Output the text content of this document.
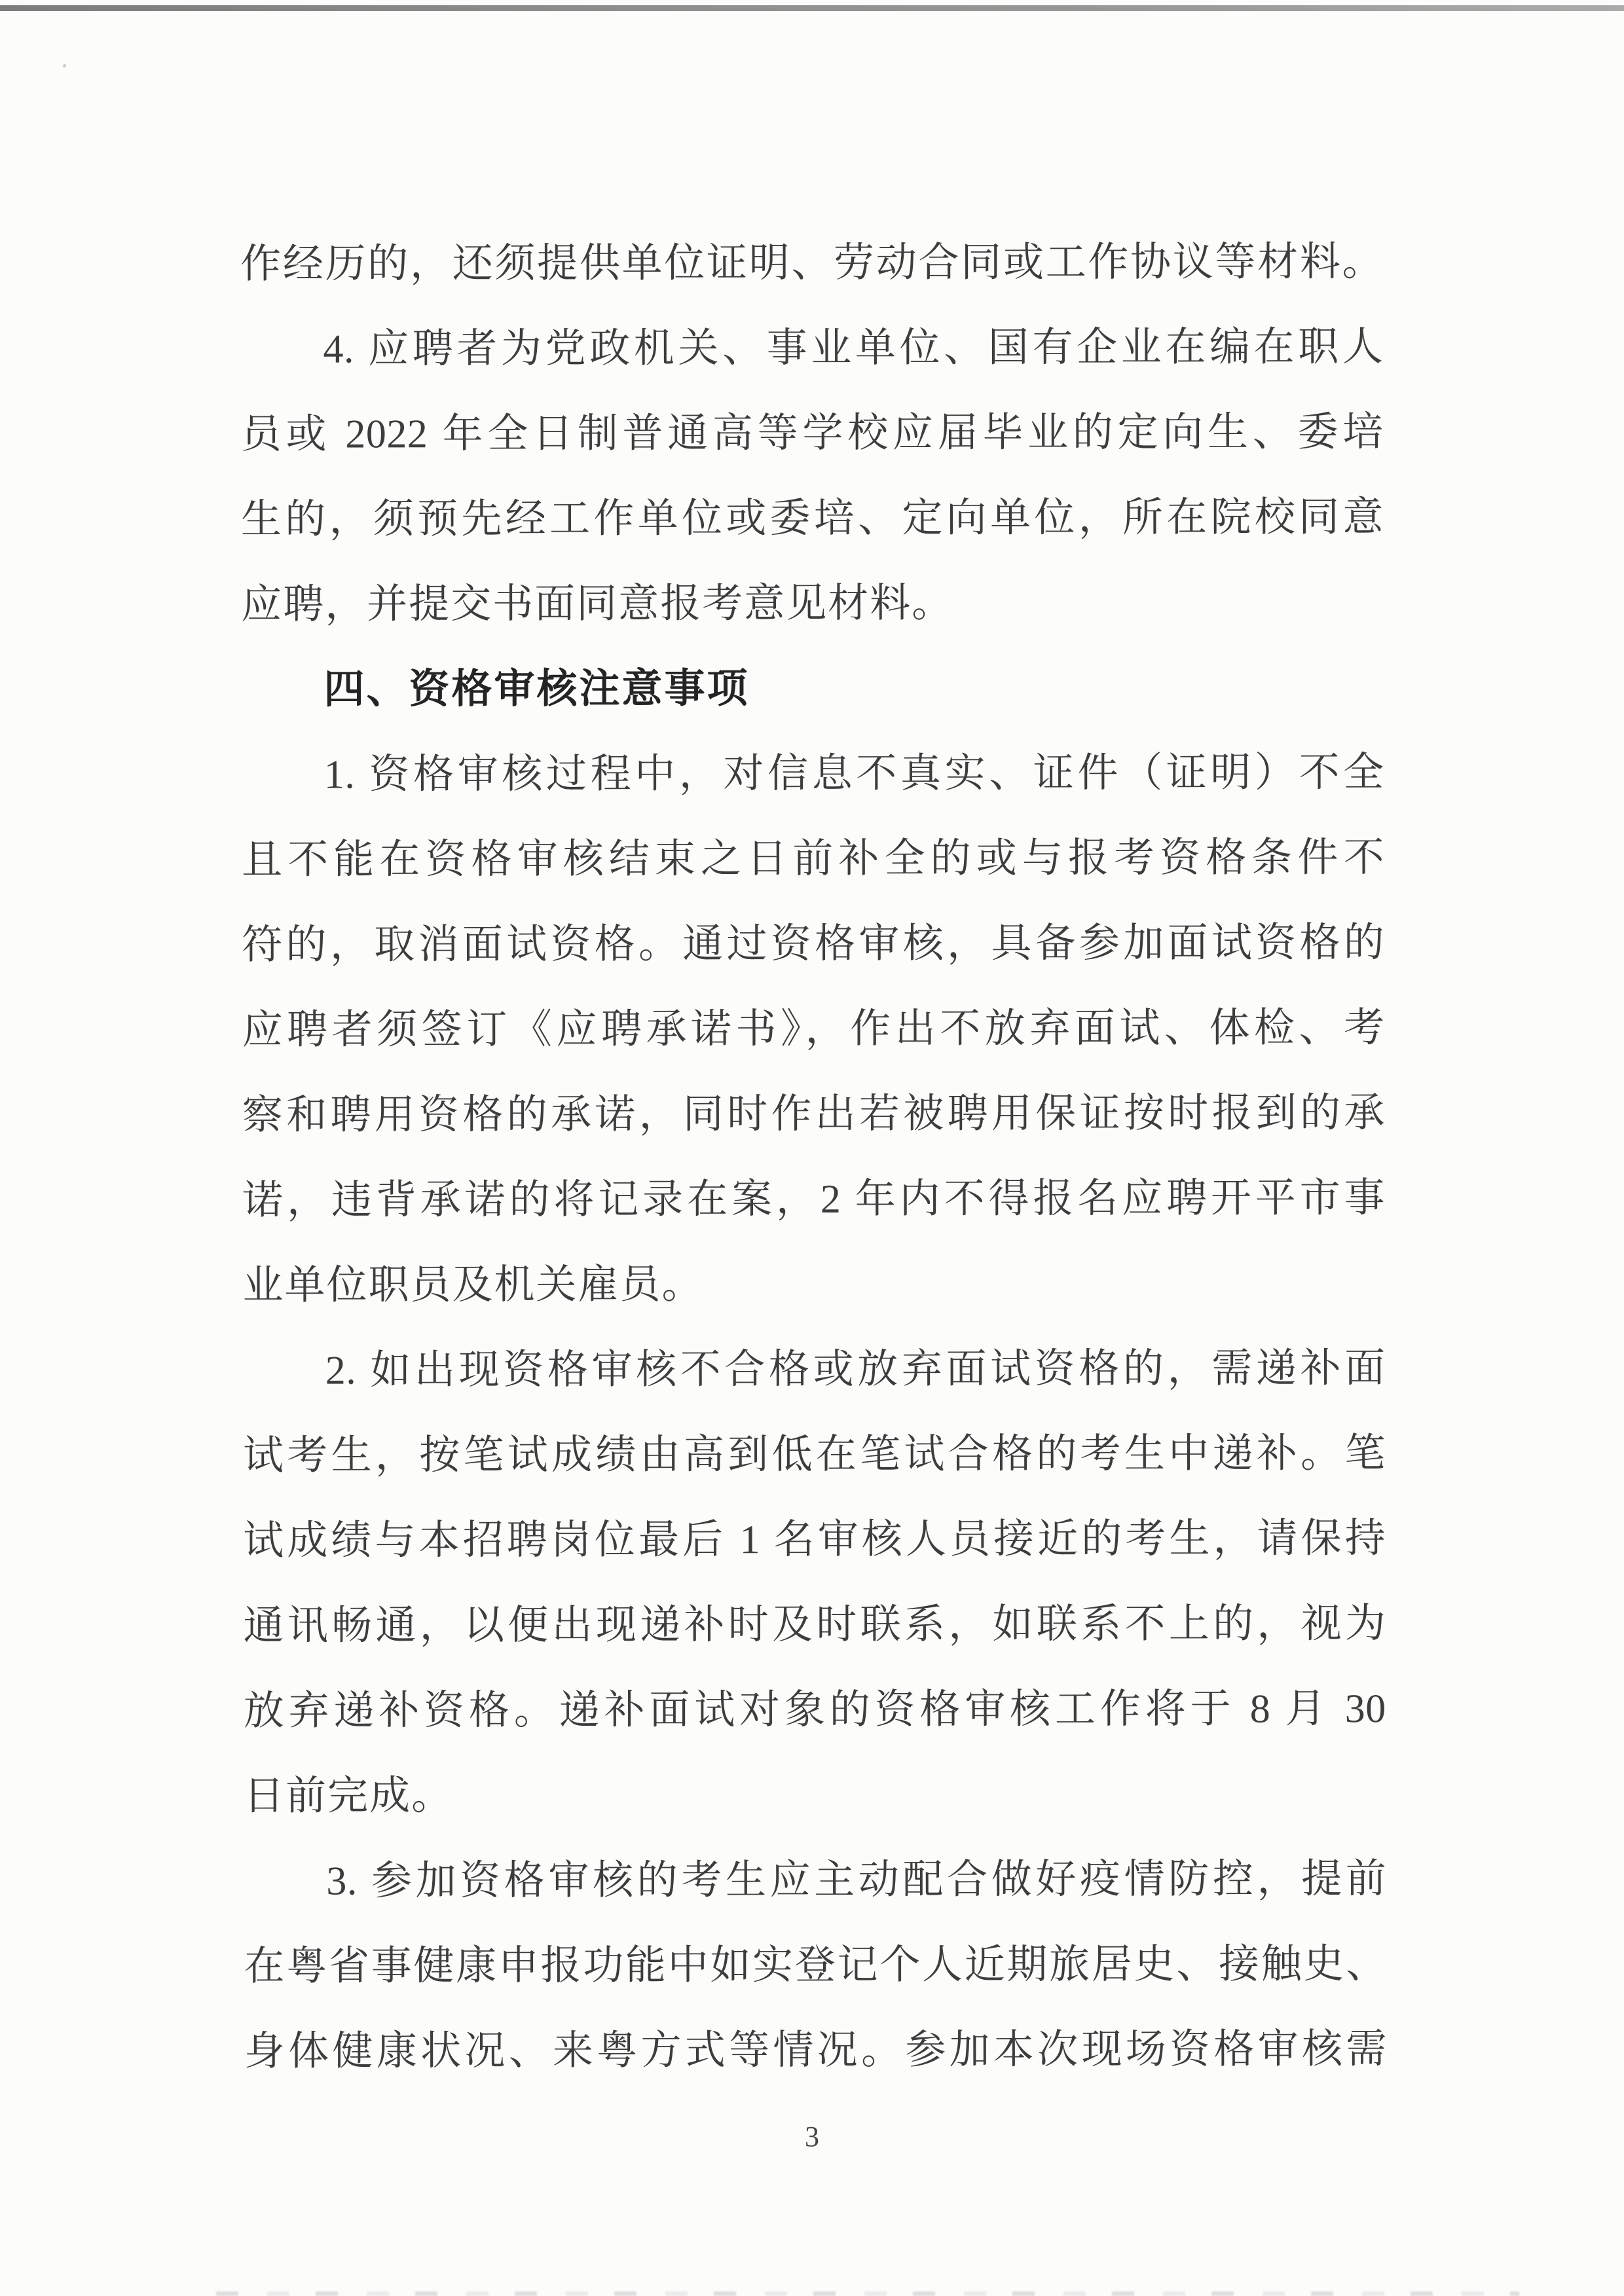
作经历的，还须提供单位证明、劳动合同或工作协议等材料。
4. 应聘者为党政机关、事业单位、国有企业在编在职人
员或 2022 年全日制普通高等学校应届毕业的定向生、委培
生的，须预先经工作单位或委培、定向单位，所在院校同意
应聘，并提交书面同意报考意见材料。
四、资格审核注意事项
1. 资格审核过程中，对信息不真实、证件（证明）不全
且不能在资格审核结束之日前补全的或与报考资格条件不
符的，取消面试资格。通过资格审核，具备参加面试资格的
应聘者须签订《应聘承诺书》，作出不放弃面试、体检、考
察和聘用资格的承诺，同时作出若被聘用保证按时报到的承
诺，违背承诺的将记录在案，2 年内不得报名应聘开平市事
业单位职员及机关雇员。
2. 如出现资格审核不合格或放弃面试资格的，需递补面
试考生，按笔试成绩由高到低在笔试合格的考生中递补。笔
试成绩与本招聘岗位最后 1 名审核人员接近的考生，请保持
通讯畅通，以便出现递补时及时联系，如联系不上的，视为
放弃递补资格。递补面试对象的资格审核工作将于 8 月 30
日前完成。
3. 参加资格审核的考生应主动配合做好疫情防控，提前
在粤省事健康申报功能中如实登记个人近期旅居史、接触史、
身体健康状况、来粤方式等情况。参加本次现场资格审核需
3
